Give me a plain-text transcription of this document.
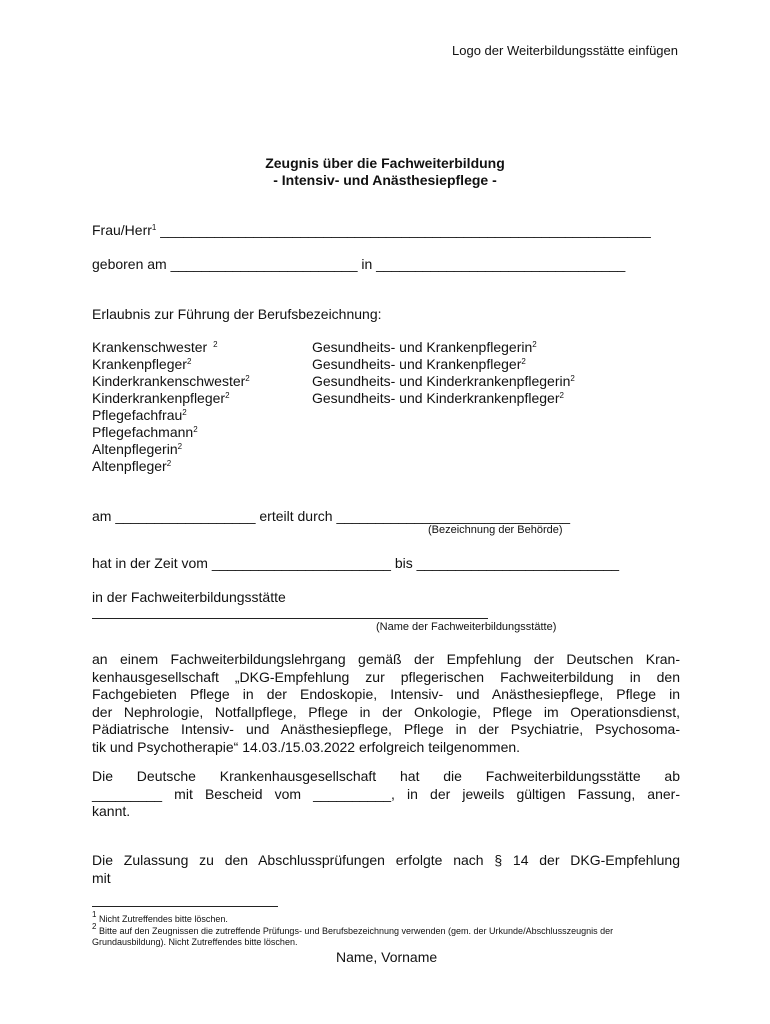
Logo der Weiterbildungsstätte einfügen
Zeugnis über die Fachweiterbildung
- Intensiv- und Anästhesiepflege -
Frau/Herr$^1$ _______________________________________________________________
geboren am ________________________ in ________________________________
Erlaubnis zur Führung der Berufsbezeichnung:
Krankenschwester $^2$
Krankenpfleger$^2$
Kinderkrankenschwester$^2$
Kinderkrankenpfleger$^2$
Pflegefachfrau$^2$
Pflegefachmann$^2$
Altenpflegerin$^2$
Altenpfleger$^2$
Gesundheits- und Krankenpflegerin$^2$
Gesundheits- und Krankenpfleger$^2$
Gesundheits- und Kinderkrankenpflegerin$^2$
Gesundheits- und Kinderkrankenpfleger$^2$
am __________________ erteilt durch ______________________________
(Bezeichnung der Behörde)
hat in der Zeit vom _______________________ bis __________________________
in der Fachweiterbildungsstätte
(Name der Fachweiterbildungsstätte)
an einem Fachweiterbildungslehrgang gemäß der Empfehlung der Deutschen Kran-
kenhausgesellschaft „DKG-Empfehlung zur pflegerischen Fachweiterbildung in den
Fachgebieten Pflege in der Endoskopie, Intensiv- und Anästhesiepflege, Pflege in
der Nephrologie, Notfallpflege, Pflege in der Onkologie, Pflege im Operationsdienst,
Pädiatrische Intensiv- und Anästhesiepflege, Pflege in der Psychiatrie, Psychosoma-
tik und Psychotherapie“ 14.03./15.03.2022 erfolgreich teilgenommen.
Die Deutsche Krankenhausgesellschaft hat die Fachweiterbildungsstätte ab
_________ mit Bescheid vom __________, in der jeweils gültigen Fassung, aner-
kannt.
Die Zulassung zu den Abschlussprüfungen erfolgte nach § 14 der DKG-Empfehlung
mit
$^1$ Nicht Zutreffendes bitte löschen.
$^2$ Bitte auf den Zeugnissen die zutreffende Prüfungs- und Berufsbezeichnung verwenden (gem. der Urkunde/Abschlusszeugnis der Grundausbildung). Nicht Zutreffendes bitte löschen.
Name, Vorname
